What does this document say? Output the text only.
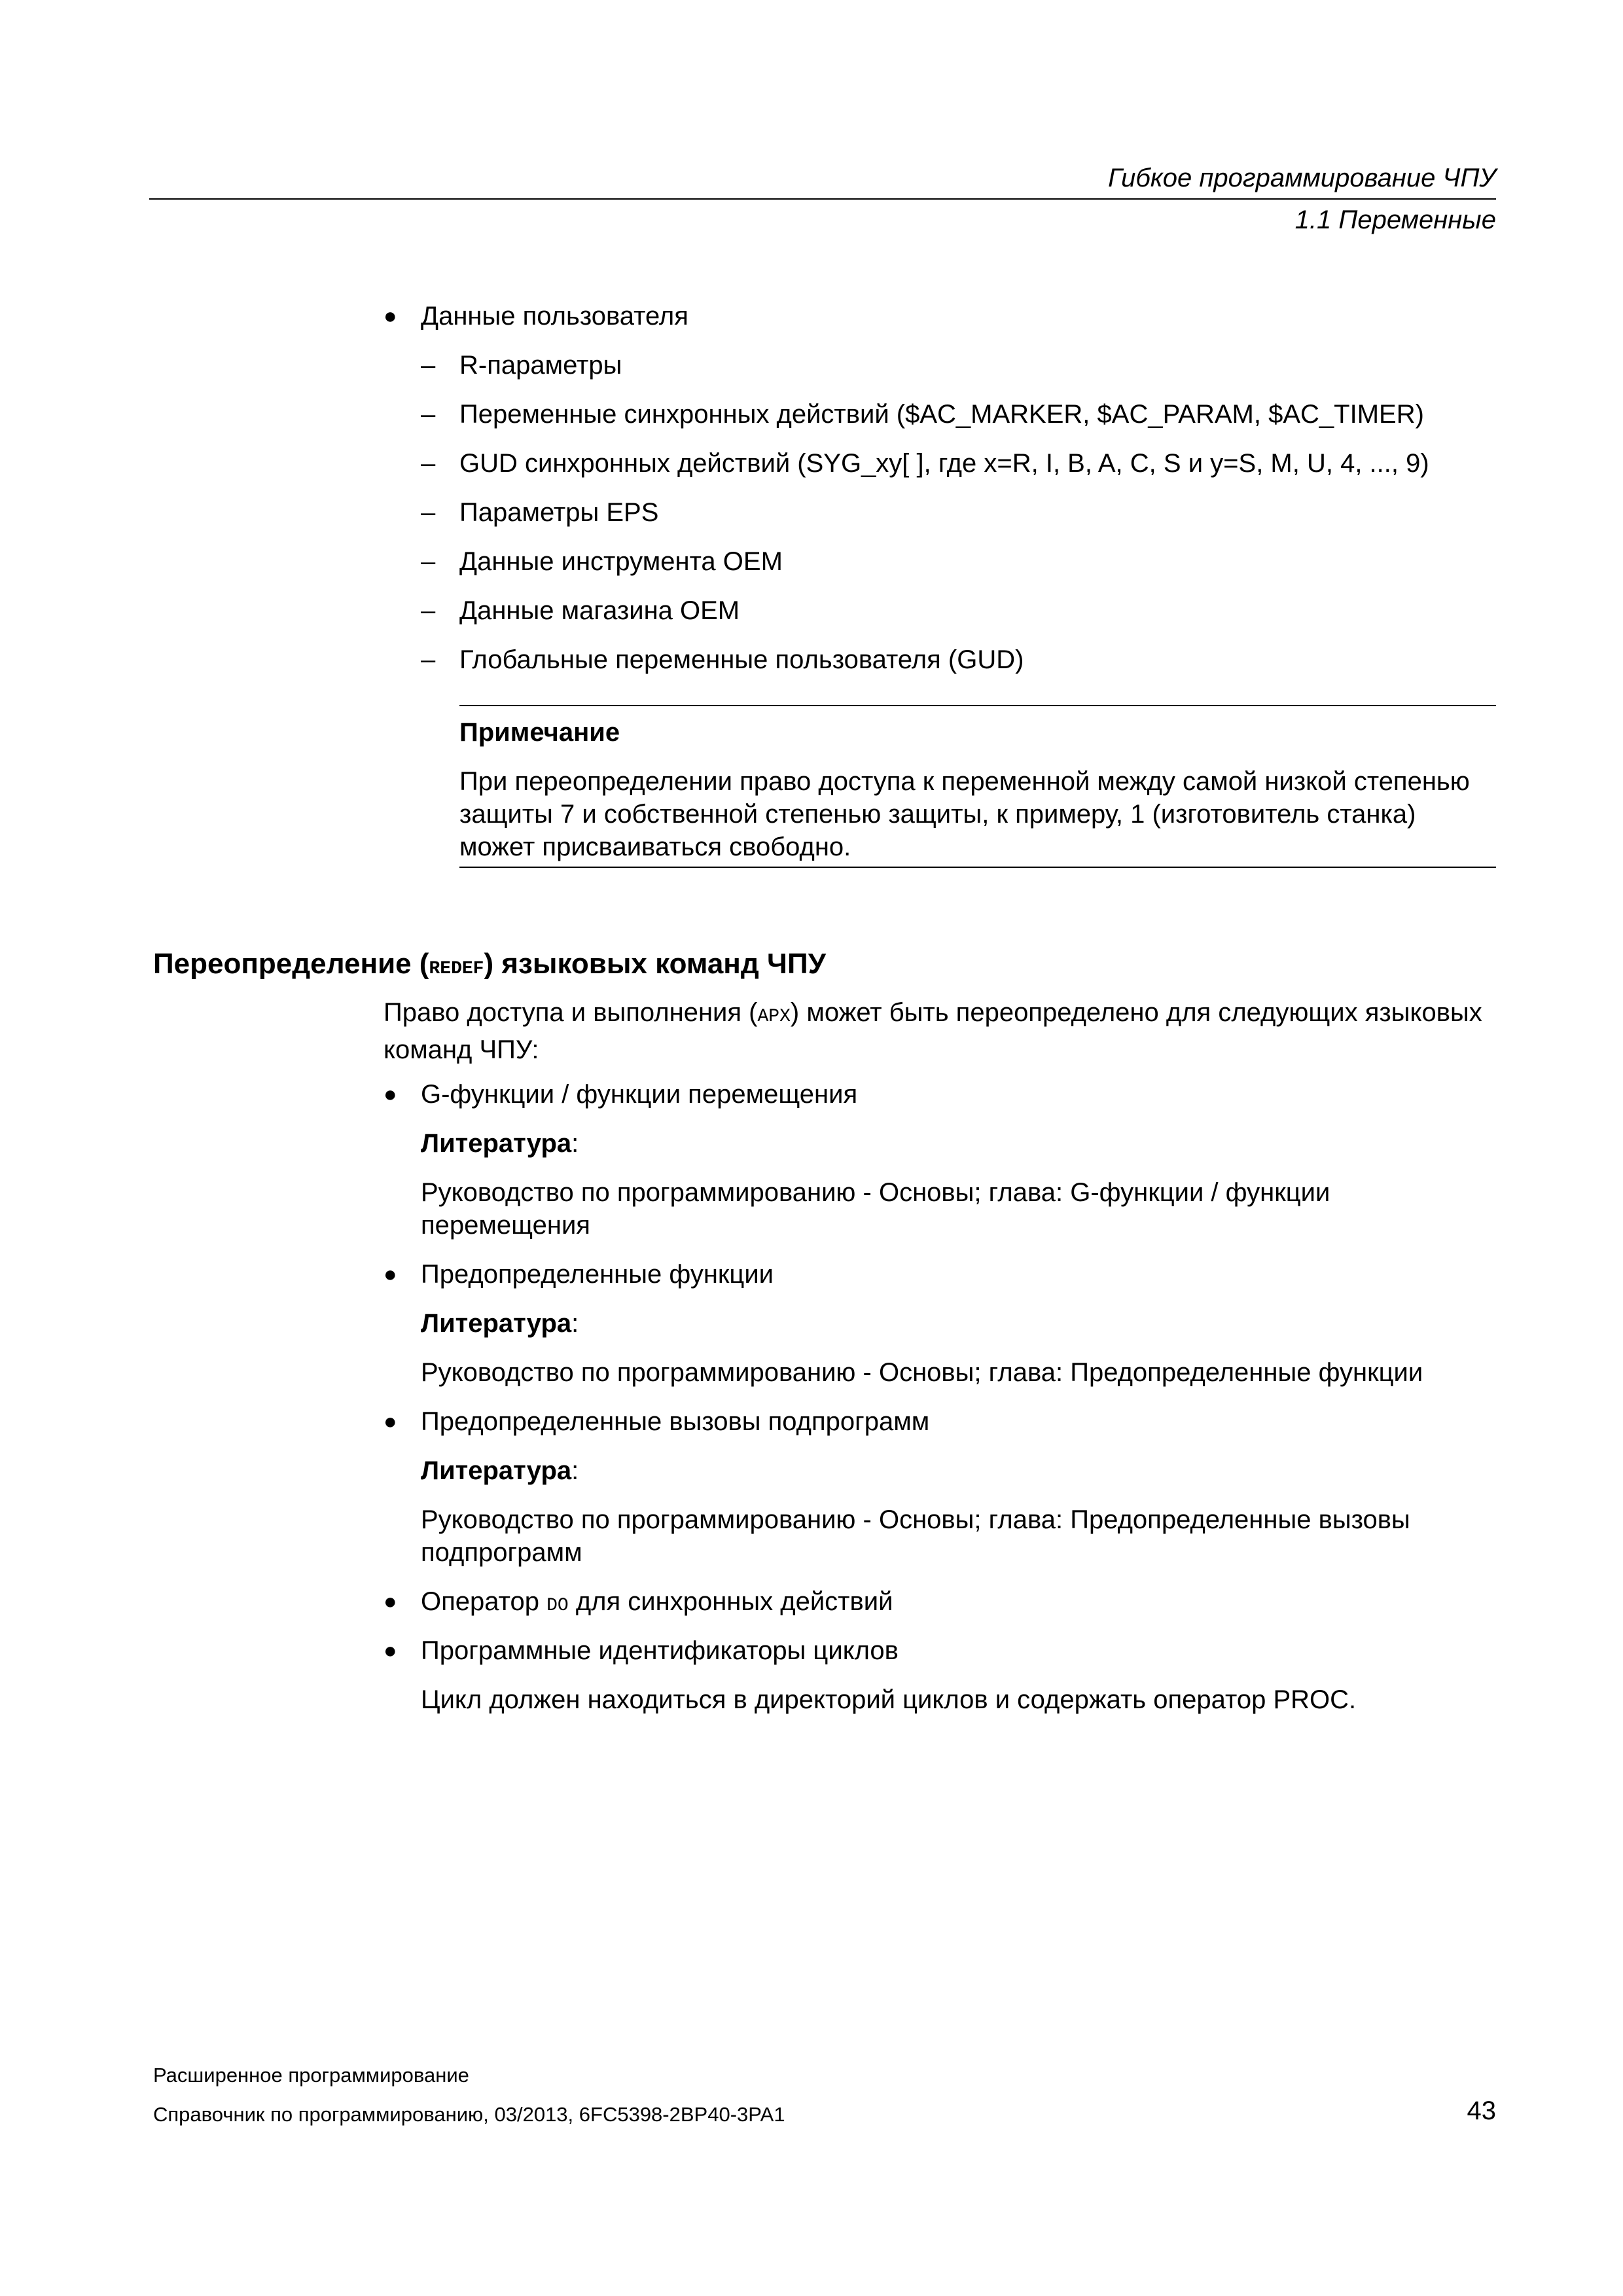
Гибкое программирование ЧПУ
1.1 Переменные
● Данные пользователя
– R-параметры
– Переменные синхронных действий ($AC_MARKER, $AC_PARAM, $AC_TIMER)
– GUD синхронных действий (SYG_xy[ ], где x=R, I, B, A, C, S и y=S, M, U, 4, ..., 9)
– Параметры EPS
– Данные инструмента OEM
– Данные магазина OEM
– Глобальные переменные пользователя (GUD)
Примечание
При переопределении право доступа к переменной между самой низкой степенью защиты 7 и собственной степенью защиты, к примеру, 1 (изготовитель станка) может присваиваться свободно.
Переопределение (REDEF) языковых команд ЧПУ
Право доступа и выполнения (APX) может быть переопределено для следующих языковых команд ЧПУ:
● G-функции / функции перемещения
Литература:
Руководство по программированию - Основы; глава: G-функции / функции перемещения
● Предопределенные функции
Литература:
Руководство по программированию - Основы; глава: Предопределенные функции
● Предопределенные вызовы подпрограмм
Литература:
Руководство по программированию - Основы; глава: Предопределенные вызовы подпрограмм
● Оператор DO для синхронных действий
● Программные идентификаторы циклов
Цикл должен находиться в директорий циклов и содержать оператор PROC.
Расширенное программирование
Справочник по программированию, 03/2013, 6FC5398-2BP40-3PA1	43
